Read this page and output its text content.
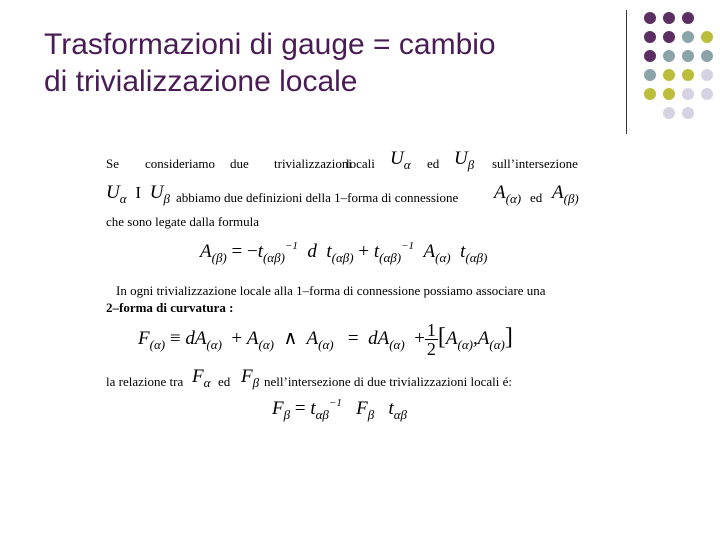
Trasformazioni di gauge = cambio
di trivializzazione locale
Se consideriamo due trivializzazioni
locali $U_\alpha$ ed $U_\beta$ sull’intersezione
$U_\alpha$ I $U_\beta$ abbiamo due definizioni della 1–forma di connessione $A_{(\alpha)}$ ed $A_{(\beta)}$
che sono legate dalla formula
$A_{(\beta)} = -t_{(\alpha\beta)}^{-1}$  d  $t_{(\alpha\beta)} + t_{(\alpha\beta)}^{-1}$  $A_{(\alpha)}$  $t_{(\alpha\beta)}$
In ogni trivializzazione locale alla 1–forma di connessione possiamo associare una
2–forma di curvatura :
$F_{(\alpha)} \equiv dA_{(\alpha)} + A_{(\alpha)}$  ∧  $A_{(\alpha)} = dA_{(\alpha)} + \frac{1}{2}[A_{(\alpha)},A_{(\alpha)}]$
la relazione tra $F_\alpha$ ed $F_\beta$ nell’intersezione di due trivializzazioni locali é:
$F_\beta = t_{\alpha\beta}^{-1}$   $F_\beta$   $t_{\alpha\beta}$
